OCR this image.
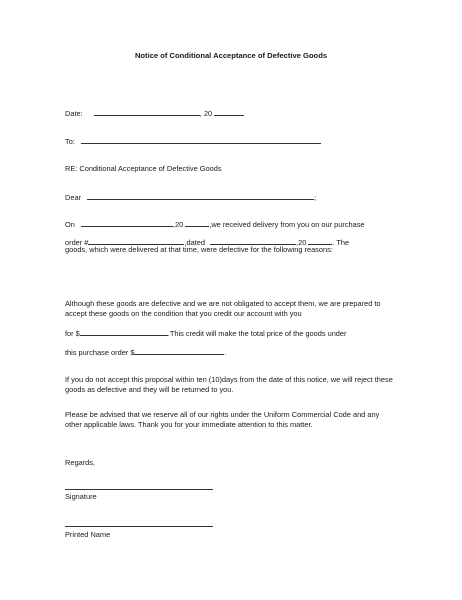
Notice of Conditional Acceptance of Defective Goods
Date:	, 20
To:
RE: Conditional Acceptance of Defective Goods
Dear	;
On	,20	,we received delivery from you on our purchase
order #	,dated	,20	. The
goods, which were delivered at that time, were defective for the following reasons:
Although these goods are defective and we are not obligated to accept them, we are prepared to accept these goods on the condition that you credit our account with you
for $	.This credit will make the total price of the goods under
this purchase order $	.
If you do not accept this proposal within ten (10)days from the date of this notice, we will reject these goods as defective and they will be returned to you.
Please be advised that we reserve all of our rights under the Uniform Commercial Code and any other applicable laws. Thank you for your immediate attention to this matter.
Regards,
Signature
Printed Name
